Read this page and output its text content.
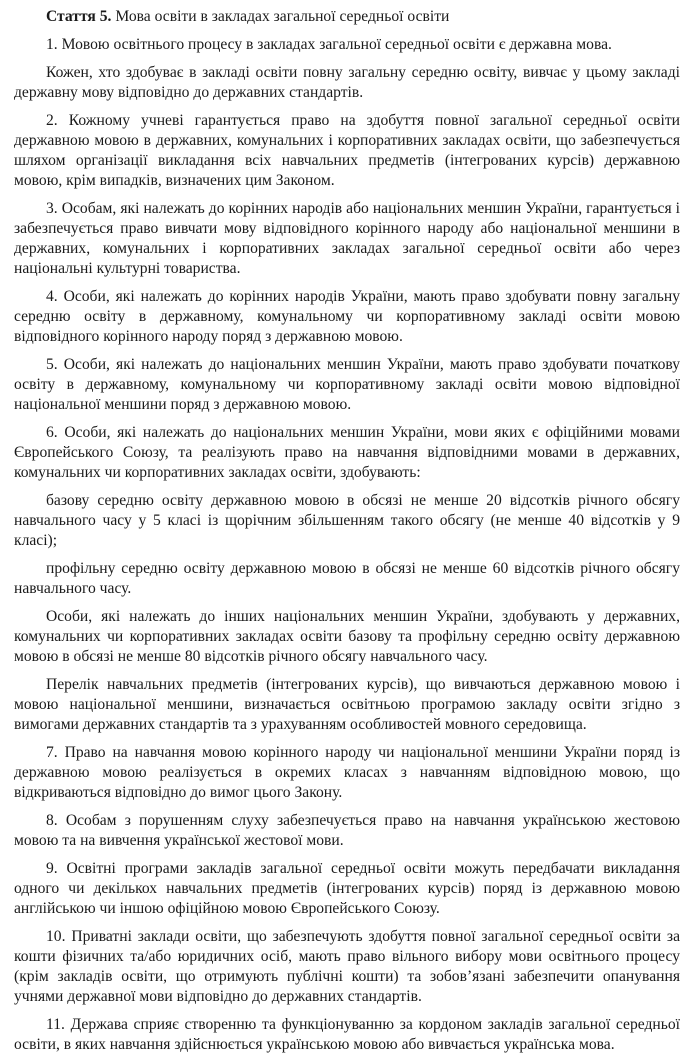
Стаття 5. Мова освіти в закладах загальної середньої освіти

1. Мовою освітнього процесу в закладах загальної середньої освіти є державна мова.

Кожен, хто здобуває в закладі освіти повну загальну середню освіту, вивчає у цьому закладі державну мову відповідно до державних стандартів.

2. Кожному учневі гарантується право на здобуття повної загальної середньої освіти державною мовою в державних, комунальних і корпоративних закладах освіти, що забезпечується шляхом організації викладання всіх навчальних предметів (інтегрованих курсів) державною мовою, крім випадків, визначених цим Законом.

3. Особам, які належать до корінних народів або національних меншин України, гарантується і забезпечується право вивчати мову відповідного корінного народу або національної меншини в державних, комунальних і корпоративних закладах загальної середньої освіти або через національні культурні товариства.

4. Особи, які належать до корінних народів України, мають право здобувати повну загальну середню освіту в державному, комунальному чи корпоративному закладі освіти мовою відповідного корінного народу поряд з державною мовою.

5. Особи, які належать до національних меншин України, мають право здобувати початкову освіту в державному, комунальному чи корпоративному закладі освіти мовою відповідної національної меншини поряд з державною мовою.

6. Особи, які належать до національних меншин України, мови яких є офіційними мовами Європейського Союзу, та реалізують право на навчання відповідними мовами в державних, комунальних чи корпоративних закладах освіти, здобувають:

базову середню освіту державною мовою в обсязі не менше 20 відсотків річного обсягу навчального часу у 5 класі із щорічним збільшенням такого обсягу (не менше 40 відсотків у 9 класі);

профільну середню освіту державною мовою в обсязі не менше 60 відсотків річного обсягу навчального часу.

Особи, які належать до інших національних меншин України, здобувають у державних, комунальних чи корпоративних закладах освіти базову та профільну середню освіту державною мовою в обсязі не менше 80 відсотків річного обсягу навчального часу.

Перелік навчальних предметів (інтегрованих курсів), що вивчаються державною мовою і мовою національної меншини, визначається освітньою програмою закладу освіти згідно з вимогами державних стандартів та з урахуванням особливостей мовного середовища.

7. Право на навчання мовою корінного народу чи національної меншини України поряд із державною мовою реалізується в окремих класах з навчанням відповідною мовою, що відкриваються відповідно до вимог цього Закону.

8. Особам з порушенням слуху забезпечується право на навчання українською жестовою мовою та на вивчення української жестової мови.

9. Освітні програми закладів загальної середньої освіти можуть передбачати викладання одного чи декількох навчальних предметів (інтегрованих курсів) поряд із державною мовою англійською чи іншою офіційною мовою Європейського Союзу.

10. Приватні заклади освіти, що забезпечують здобуття повної загальної середньої освіти за кошти фізичних та/або юридичних осіб, мають право вільного вибору мови освітнього процесу (крім закладів освіти, що отримують публічні кошти) та зобов’язані забезпечити опанування учнями державної мови відповідно до державних стандартів.

11. Держава сприяє створенню та функціонуванню за кордоном закладів загальної середньої освіти, в яких навчання здійснюється українською мовою або вивчається українська мова.
